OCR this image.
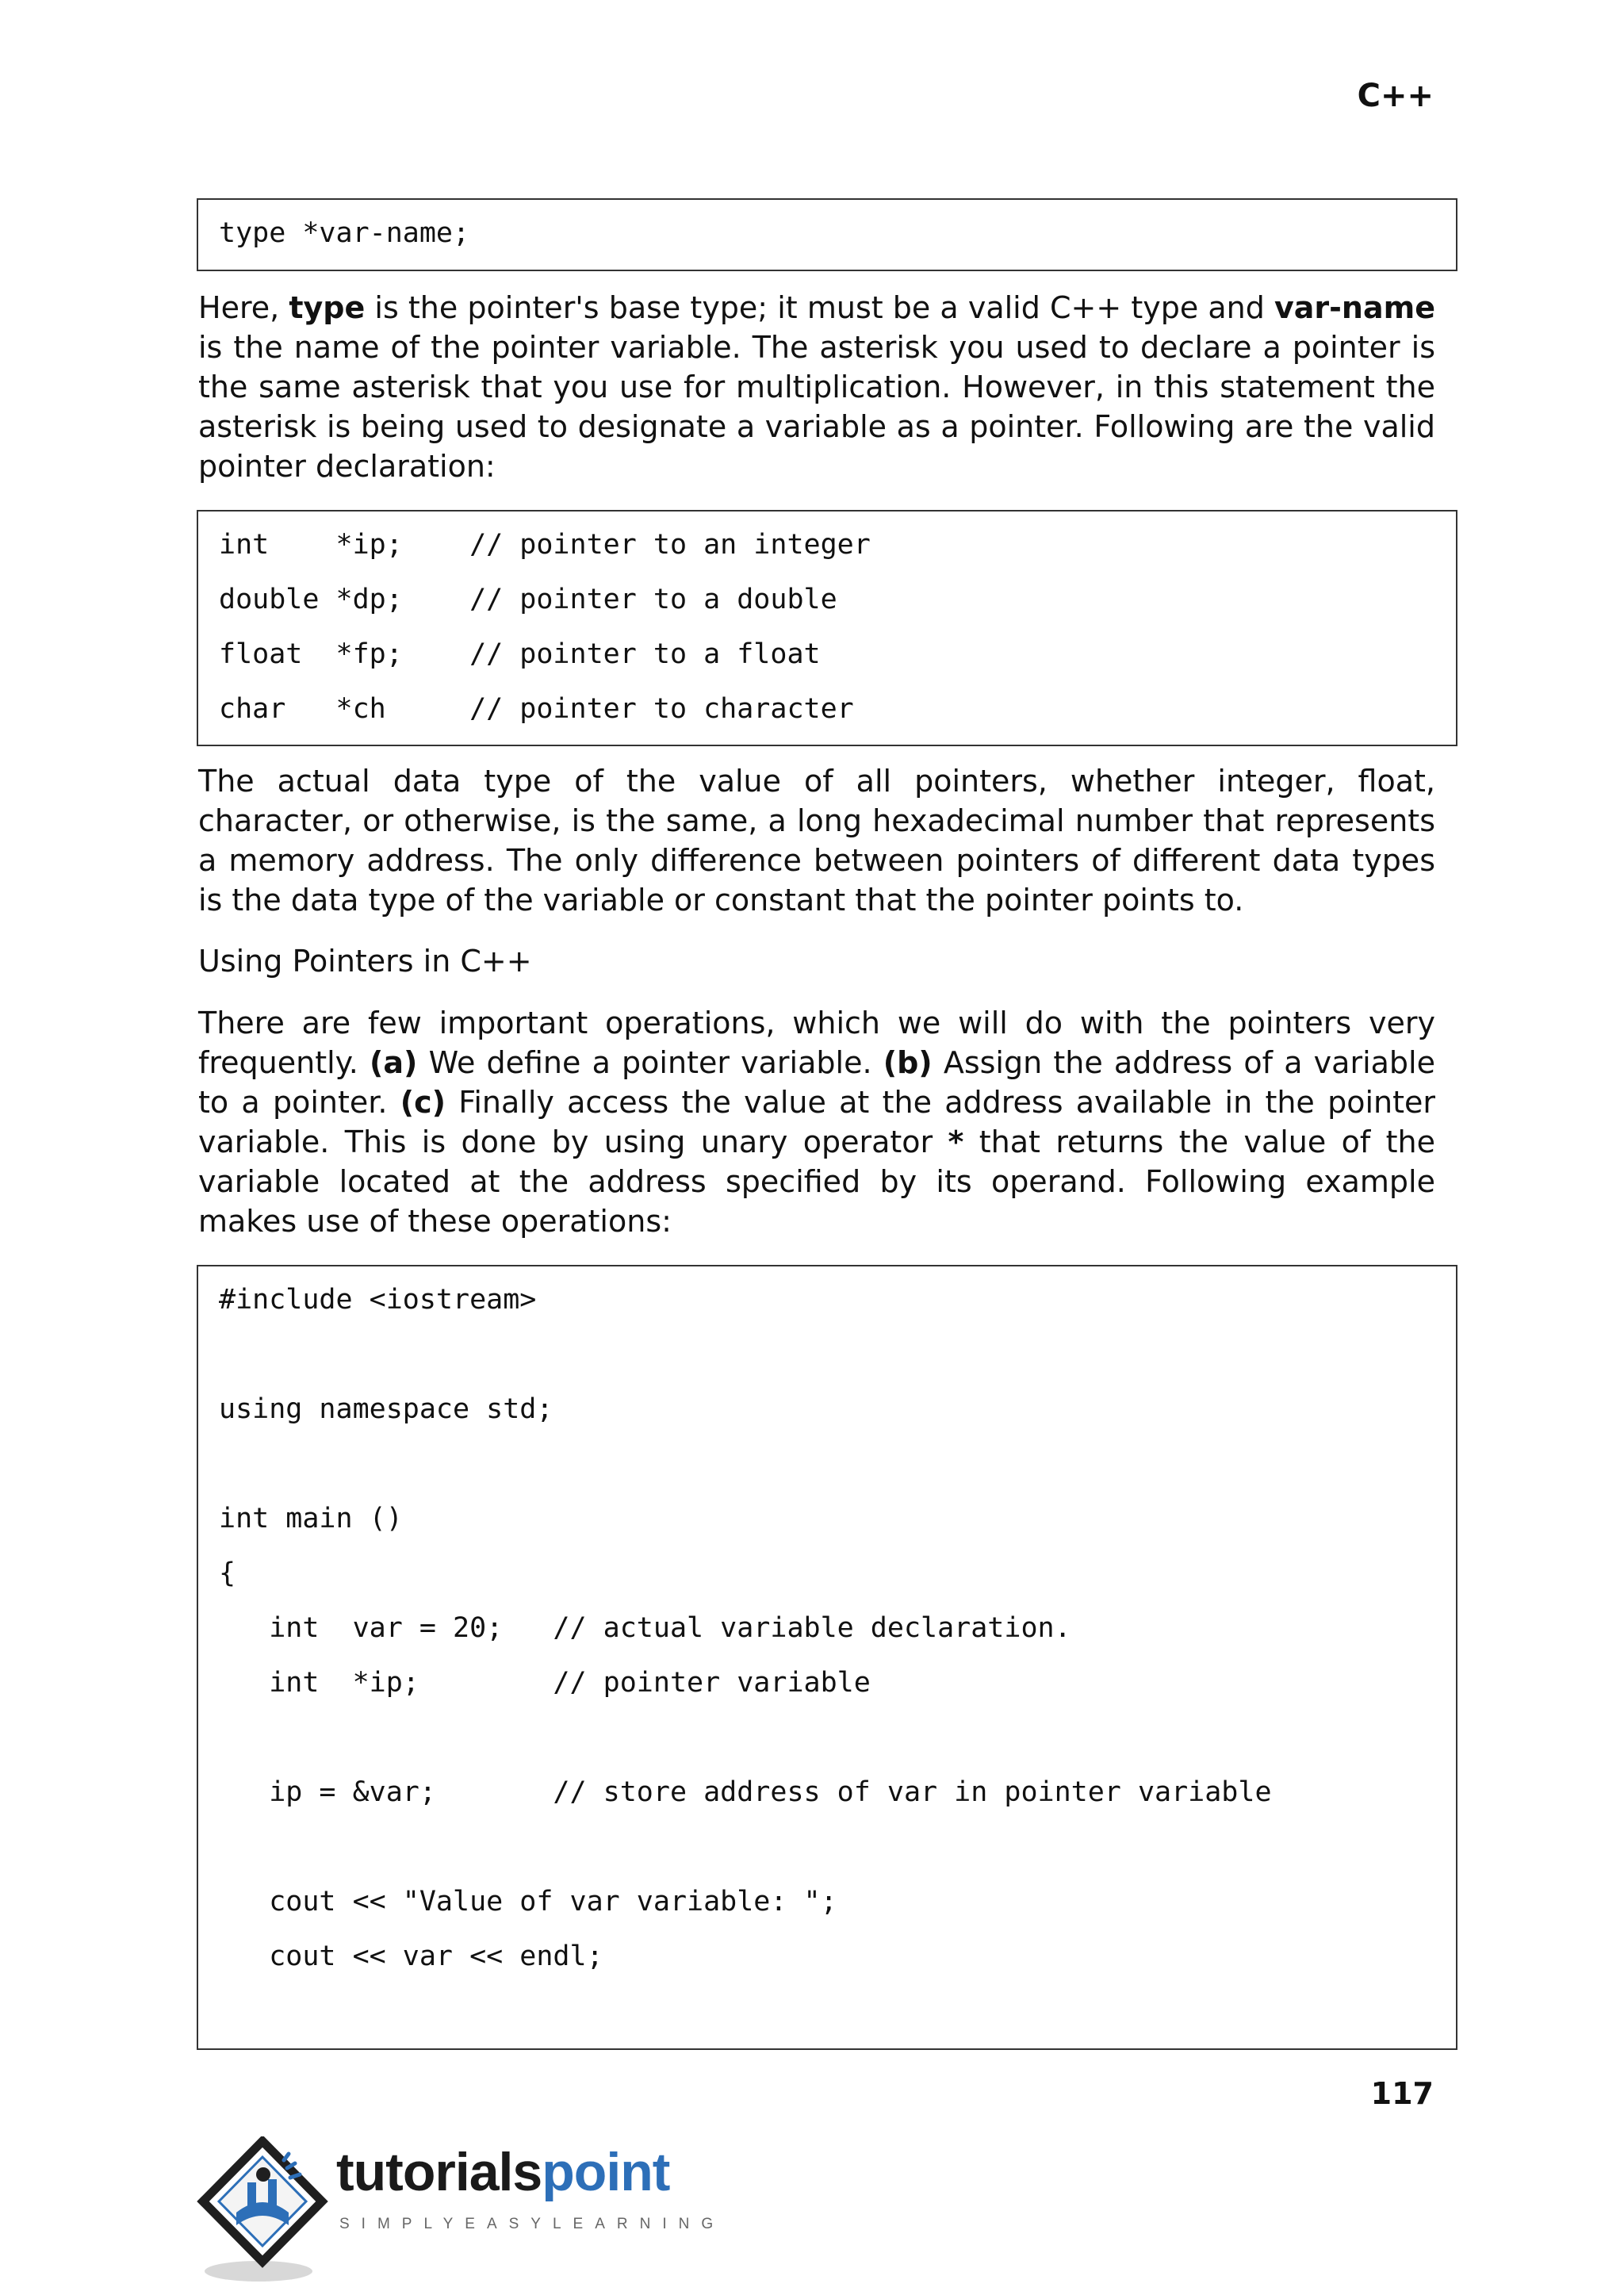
C++
type *var-name;

Here, type is the pointer's base type; it must be a valid C++ type and var-name is the name of the pointer variable. The asterisk you used to declare a pointer is the same asterisk that you use for multiplication. However, in this statement the asterisk is being used to designate a variable as a pointer. Following are the valid pointer declaration:

int    *ip;    // pointer to an integer
double *dp;    // pointer to a double
float  *fp;    // pointer to a float
char   *ch     // pointer to character

The actual data type of the value of all pointers, whether integer, float, character, or otherwise, is the same, a long hexadecimal number that represents a memory address. The only difference between pointers of different data types is the data type of the variable or constant that the pointer points to.

Using Pointers in C++

There are few important operations, which we will do with the pointers very frequently. (a) We define a pointer variable. (b) Assign the address of a variable to a pointer. (c) Finally access the value at the address available in the pointer variable. This is done by using unary operator * that returns the value of the variable located at the address specified by its operand. Following example makes use of these operations:

#include <iostream>
using namespace std;
int main ()
{
int  var = 20;   // actual variable declaration.
int  *ip;        // pointer variable
ip = &var;       // store address of var in pointer variable
cout << "Value of var variable: ";
cout << var << endl;
117
tutorialspoint
SIMPLYEASYLEARNING
